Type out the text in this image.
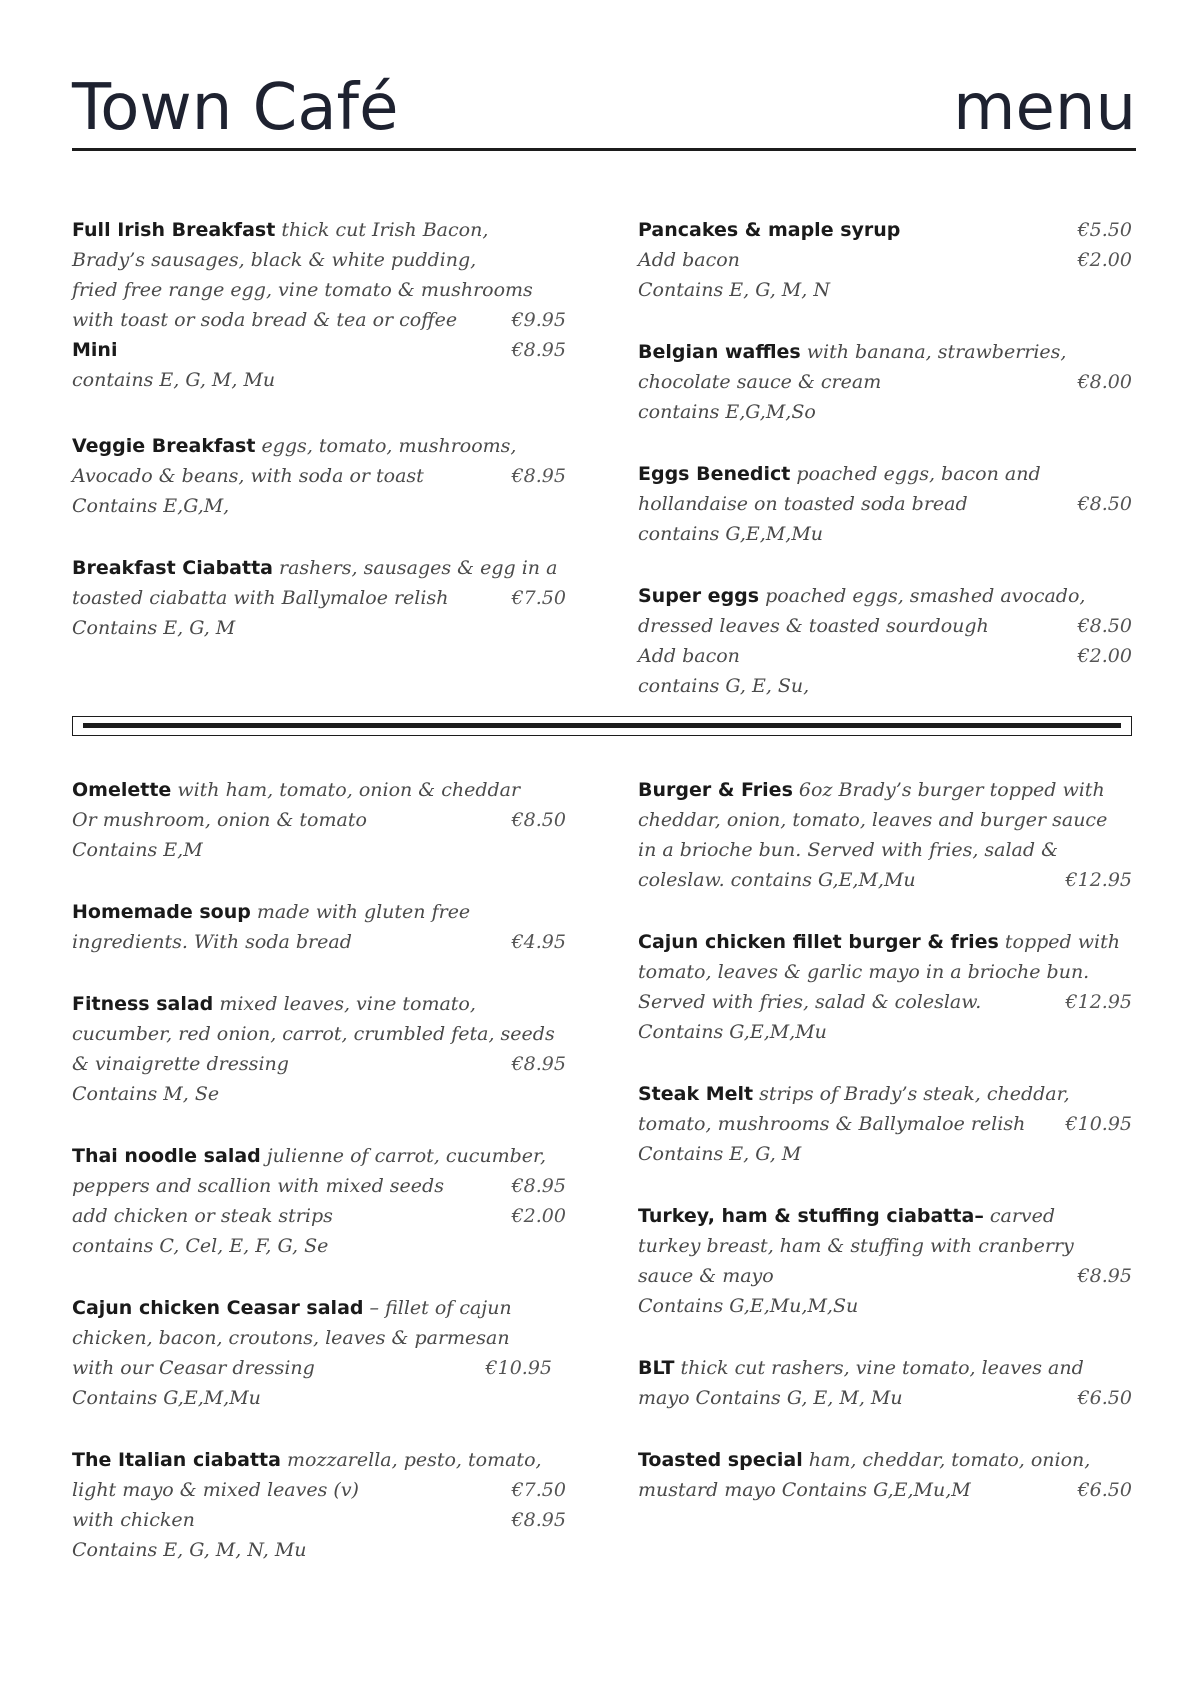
Town Café	menu
Full Irish Breakfast thick cut Irish Bacon,
Brady’s sausages, black & white pudding,
fried free range egg, vine tomato & mushrooms
with toast or soda bread & tea or coffee	€9.95
Mini	€8.95
contains E, G, M, Mu
Veggie Breakfast eggs, tomato, mushrooms,
Avocado & beans, with soda or toast	€8.95
Contains E,G,M,
Breakfast Ciabatta rashers, sausages & egg in a
toasted ciabatta with Ballymaloe relish	€7.50
Contains E, G, M
Pancakes & maple syrup	€5.50
Add bacon	€2.00
Contains E, G, M, N
Belgian waffles with banana, strawberries,
chocolate sauce & cream	€8.00
contains E,G,M,So
Eggs Benedict poached eggs, bacon and
hollandaise on toasted soda bread	€8.50
contains G,E,M,Mu
Super eggs poached eggs, smashed avocado,
dressed leaves & toasted sourdough	€8.50
Add bacon	€2.00
contains G, E, Su,
Omelette with ham, tomato, onion & cheddar
Or mushroom, onion & tomato	€8.50
Contains E,M
Homemade soup made with gluten free
ingredients. With soda bread	€4.95
Fitness salad mixed leaves, vine tomato,
cucumber, red onion, carrot, crumbled feta, seeds
& vinaigrette dressing	€8.95
Contains M, Se
Thai noodle salad julienne of carrot, cucumber,
peppers and scallion with mixed seeds	€8.95
add chicken or steak strips	€2.00
contains C, Cel, E, F, G, Se
Cajun chicken Ceasar salad – fillet of cajun
chicken, bacon, croutons, leaves & parmesan
with our Ceasar dressing	€10.95
Contains G,E,M,Mu
The Italian ciabatta mozzarella, pesto, tomato,
light mayo & mixed leaves (v)	€7.50
with chicken	€8.95
Contains E, G, M, N, Mu
Burger & Fries 6oz Brady’s burger topped with
cheddar, onion, tomato, leaves and burger sauce
in a brioche bun. Served with fries, salad &
coleslaw. contains G,E,M,Mu	€12.95
Cajun chicken fillet burger & fries topped with
tomato, leaves & garlic mayo in a brioche bun.
Served with fries, salad & coleslaw.	€12.95
Contains G,E,M,Mu
Steak Melt strips of Brady’s steak, cheddar,
tomato, mushrooms & Ballymaloe relish €10.95
Contains E, G, M
Turkey, ham & stuffing ciabatta– carved
turkey breast, ham & stuffing with cranberry
sauce & mayo	€8.95
Contains G,E,Mu,M,Su
BLT thick cut rashers, vine tomato, leaves and
mayo Contains G, E, M, Mu	€6.50
Toasted special ham, cheddar, tomato, onion,
mustard mayo Contains G,E,Mu,M	€6.50
